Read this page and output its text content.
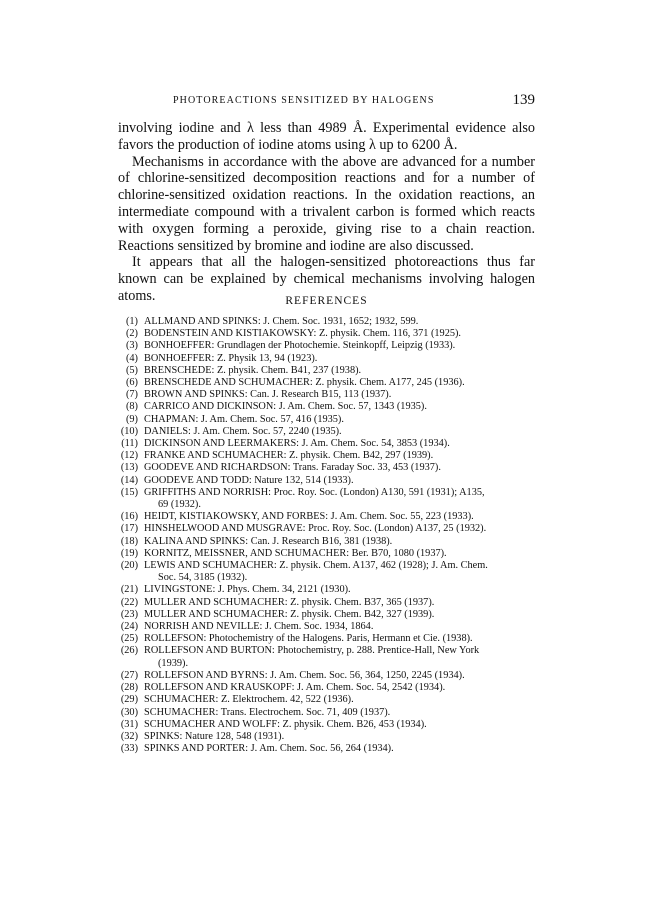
PHOTOREACTIONS SENSITIZED BY HALOGENS	139

involving iodine and λ less than 4989 Å. Experimental evidence also favors the production of iodine atoms using λ up to 6200 Å.

Mechanisms in accordance with the above are advanced for a number of chlorine-sensitized decomposition reactions and for a number of chlorine-sensitized oxidation reactions. In the oxidation reactions, an intermediate compound with a trivalent carbon is formed which reacts with oxygen forming a peroxide, giving rise to a chain reaction. Reactions sensitized by bromine and iodine are also discussed.

It appears that all the halogen-sensitized photoreactions thus far known can be explained by chemical mechanisms involving halogen atoms.	REFERENCES
(1) ALLMAND AND SPINKS: J. Chem. Soc. 1931, 1652; 1932, 599.
(2) BODENSTEIN AND KISTIAKOWSKY: Z. physik. Chem. 116, 371 (1925).
(3) BONHOEFFER: Grundlagen der Photochemie. Steinkopff, Leipzig (1933).
(4) BONHOEFFER: Z. Physik 13, 94 (1923).
(5) BRENSCHEDE: Z. physik. Chem. B41, 237 (1938).
(6) BRENSCHEDE AND SCHUMACHER: Z. physik. Chem. A177, 245 (1936).
(7) BROWN AND SPINKS: Can. J. Research B15, 113 (1937).
(8) CARRICO AND DICKINSON: J. Am. Chem. Soc. 57, 1343 (1935).
(9) CHAPMAN: J. Am. Chem. Soc. 57, 416 (1935).
(10) DANIELS: J. Am. Chem. Soc. 57, 2240 (1935).
(11) DICKINSON AND LEERMAKERS: J. Am. Chem. Soc. 54, 3853 (1934).
(12) FRANKE AND SCHUMACHER: Z. physik. Chem. B42, 297 (1939).
(13) GOODEVE AND RICHARDSON: Trans. Faraday Soc. 33, 453 (1937).
(14) GOODEVE AND TODD: Nature 132, 514 (1933).
(15) GRIFFITHS AND NORRISH: Proc. Roy. Soc. (London) A130, 591 (1931); A135,
69 (1932).
(16) HEIDT, KISTIAKOWSKY, AND FORBES: J. Am. Chem. Soc. 55, 223 (1933).
(17) HINSHELWOOD AND MUSGRAVE: Proc. Roy. Soc. (London) A137, 25 (1932).
(18) KALINA AND SPINKS: Can. J. Research B16, 381 (1938).
(19) KORNITZ, MEISSNER, AND SCHUMACHER: Ber. B70, 1080 (1937).
(20) LEWIS AND SCHUMACHER: Z. physik. Chem. A137, 462 (1928); J. Am. Chem.
Soc. 54, 3185 (1932).
(21) LIVINGSTONE: J. Phys. Chem. 34, 2121 (1930).
(22) MULLER AND SCHUMACHER: Z. physik. Chem. B37, 365 (1937).
(23) MULLER AND SCHUMACHER: Z. physik. Chem. B42, 327 (1939).
(24) NORRISH AND NEVILLE: J. Chem. Soc. 1934, 1864.
(25) ROLLEFSON: Photochemistry of the Halogens. Paris, Hermann et Cie. (1938).
(26) ROLLEFSON AND BURTON: Photochemistry, p. 288. Prentice-Hall, New York
(1939).
(27) ROLLEFSON AND BYRNS: J. Am. Chem. Soc. 56, 364, 1250, 2245 (1934).
(28) ROLLEFSON AND KRAUSKOPF: J. Am. Chem. Soc. 54, 2542 (1934).
(29) SCHUMACHER: Z. Elektrochem. 42, 522 (1936).
(30) SCHUMACHER: Trans. Electrochem. Soc. 71, 409 (1937).
(31) SCHUMACHER AND WOLFF: Z. physik. Chem. B26, 453 (1934).
(32) SPINKS: Nature 128, 548 (1931).
(33) SPINKS AND PORTER: J. Am. Chem. Soc. 56, 264 (1934).
